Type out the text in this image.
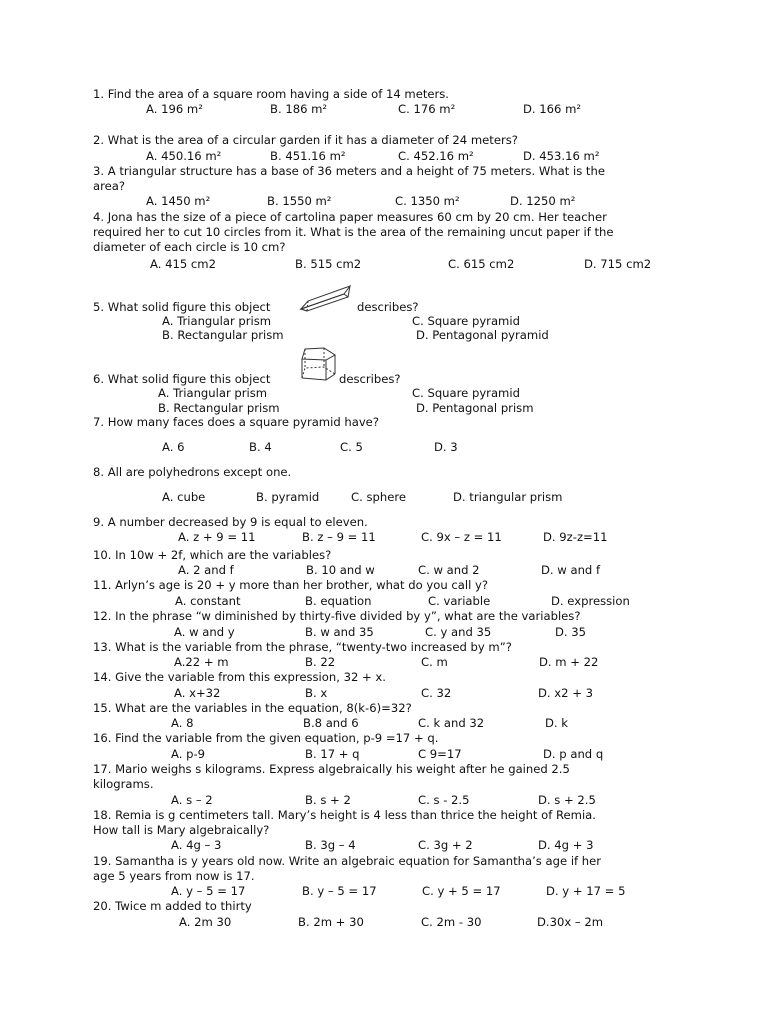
1. Find the area of a square room having a side of 14 meters.
A. 196 m²	B. 186 m²	C. 176 m²	D. 166 m²
2. What is the area of a circular garden if it has a diameter of 24 meters?
A. 450.16 m²	B. 451.16 m²	C. 452.16 m²	D. 453.16 m²
3. A triangular structure has a base of 36 meters and a height of 75 meters. What is the
area?
A. 1450 m²	B. 1550 m²	C. 1350 m²	D. 1250 m²
4. Jona has the size of a piece of cartolina paper measures 60 cm by 20 cm. Her teacher
required her to cut 10 circles from it. What is the area of the remaining uncut paper if the
diameter of each circle is 10 cm?
A. 415 cm2	B. 515 cm2	C. 615 cm2	D. 715 cm2
5. What solid figure this object	describes?
A. Triangular prism	C. Square pyramid
B. Rectangular prism	D. Pentagonal pyramid
6. What solid figure this object	describes?
A. Triangular prism	C. Square pyramid
B. Rectangular prism	D. Pentagonal prism
7. How many faces does a square pyramid have?
A. 6	B. 4	C. 5	D. 3
8. All are polyhedrons except one.
A. cube	B. pyramid	C. sphere	D. triangular prism
9. A number decreased by 9 is equal to eleven.
A. z + 9 = 11	B. z – 9 = 11	C. 9x – z = 11	D. 9z-z=11
10. In 10w + 2f, which are the variables?
A. 2 and f	B. 10 and w	C. w and 2	D. w and f
11. Arlyn’s age is 20 + y more than her brother, what do you call y?
A. constant	B. equation	C. variable	D. expression
12. In the phrase “w diminished by thirty-five divided by y”, what are the variables?
A. w and y	B. w and 35	C. y and 35	D. 35
13. What is the variable from the phrase, “twenty-two increased by m”?
A.22 + m	B. 22	C. m	D. m + 22
14. Give the variable from this expression, 32 + x.
A. x+32	B. x	C. 32	D. x2 + 3
15. What are the variables in the equation, 8(k-6)=32?
A. 8	B.8 and 6	C. k and 32	D. k
16. Find the variable from the given equation, p-9 =17 + q.
A. p-9	B. 17 + q	C 9=17	D. p and q
17. Mario weighs s kilograms. Express algebraically his weight after he gained 2.5
kilograms.
A. s – 2	B. s + 2	C. s - 2.5	D. s + 2.5
18. Remia is g centimeters tall. Mary’s height is 4 less than thrice the height of Remia.
How tall is Mary algebraically?
A. 4g – 3	B. 3g – 4	C. 3g + 2	D. 4g + 3
19. Samantha is y years old now. Write an algebraic equation for Samantha’s age if her
age 5 years from now is 17.
A. y – 5 = 17	B. y – 5 = 17	C. y + 5 = 17	D. y + 17 = 5
20. Twice m added to thirty
A. 2m 30	B. 2m + 30	C. 2m - 30	D.30x – 2m
